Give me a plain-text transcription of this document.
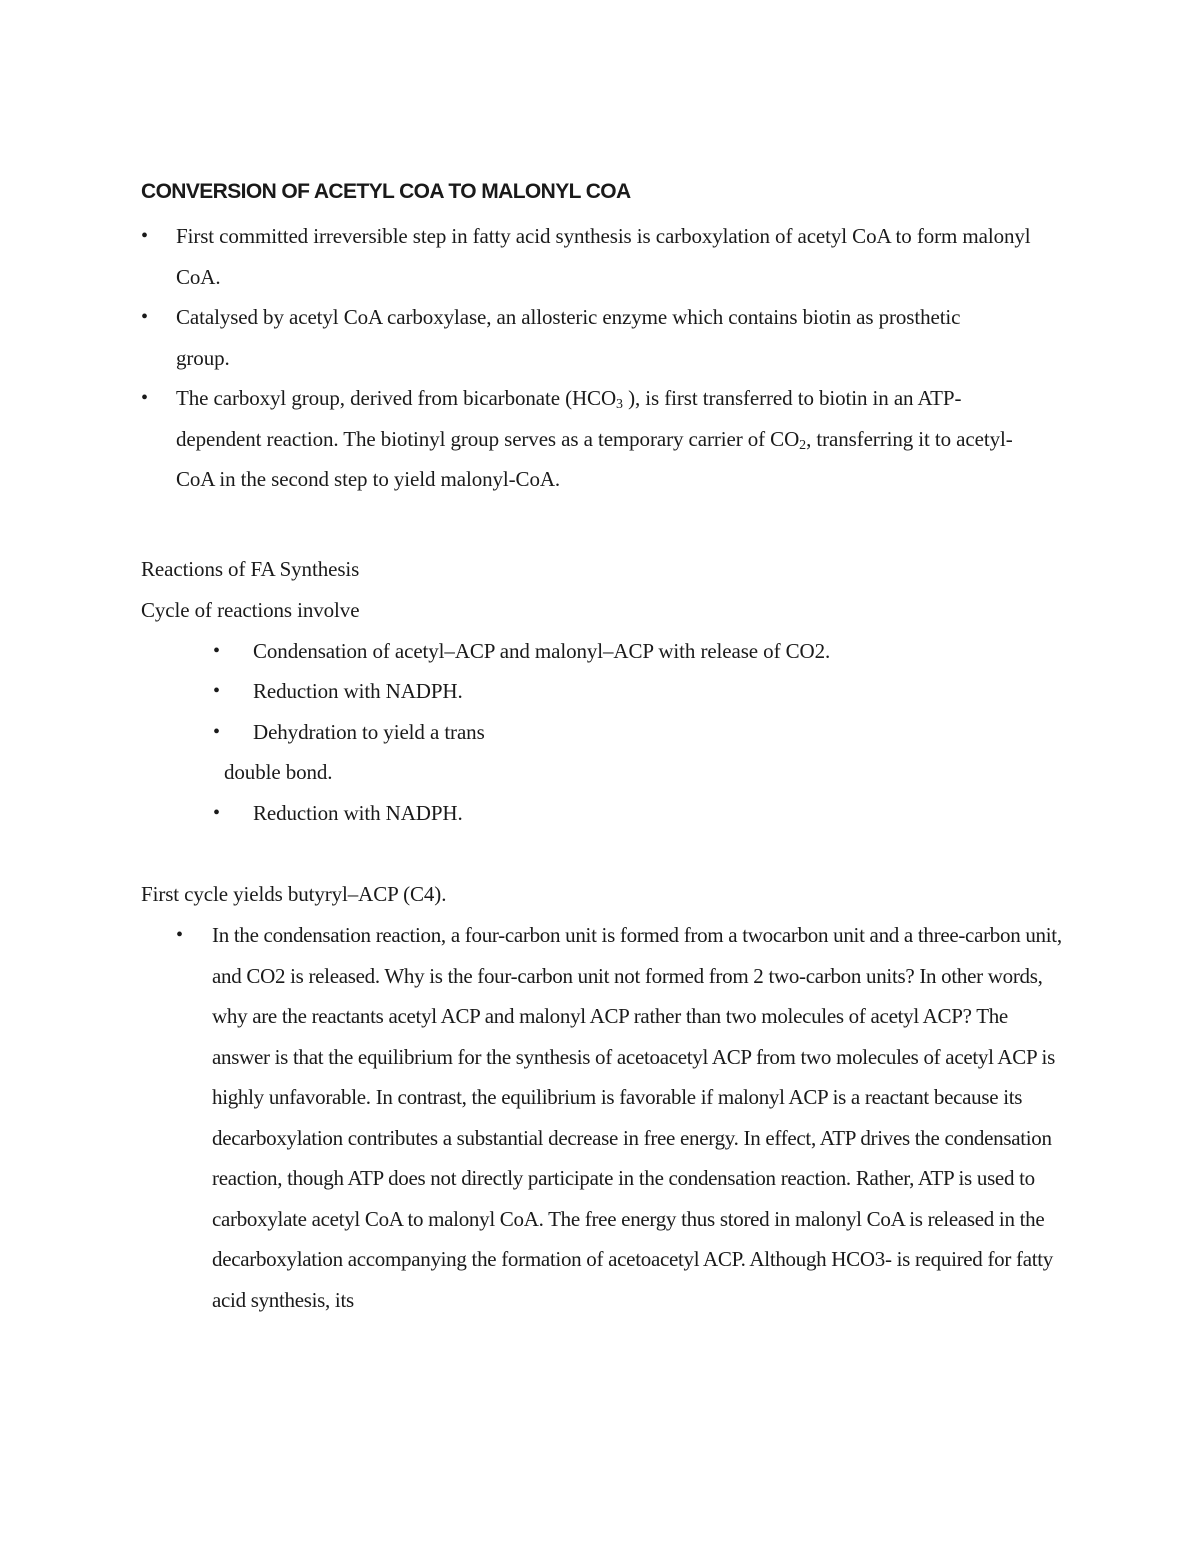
CONVERSION OF ACETYL COA TO MALONYL COA
• First committed irreversible step in fatty acid synthesis is carboxylation of acetyl CoA to form malonyl CoA.
• Catalysed by acetyl CoA carboxylase, an allosteric enzyme which contains biotin as prosthetic group.
• The carboxyl group, derived from bicarbonate ($HCO_3$ ), is first transferred to biotin in an ATP-dependent reaction. The biotinyl group serves as a temporary carrier of $CO_2$, transferring it to acetyl-CoA in the second step to yield malonyl-CoA.
Reactions of FA Synthesis
Cycle of reactions involve
• Condensation of acetyl–ACP and malonyl–ACP with release of CO2.
• Reduction with NADPH.
• Dehydration to yield a trans
double bond.
• Reduction with NADPH.
First cycle yields butyryl–ACP (C4).
• In the condensation reaction, a four-carbon unit is formed from a twocarbon unit and a three-carbon unit, and CO2 is released. Why is the four-carbon unit not formed from 2 two-carbon units? In other words, why are the reactants acetyl ACP and malonyl ACP rather than two molecules of acetyl ACP? The answer is that the equilibrium for the synthesis of acetoacetyl ACP from two molecules of acetyl ACP is highly unfavorable. In contrast, the equilibrium is favorable if malonyl ACP is a reactant because its decarboxylation contributes a substantial decrease in free energy. In effect, ATP drives the condensation reaction, though ATP does not directly participate in the condensation reaction. Rather, ATP is used to carboxylate acetyl CoA to malonyl CoA. The free energy thus stored in malonyl CoA is released in the decarboxylation accompanying the formation of acetoacetyl ACP. Although HCO3- is required for fatty acid synthesis, its
